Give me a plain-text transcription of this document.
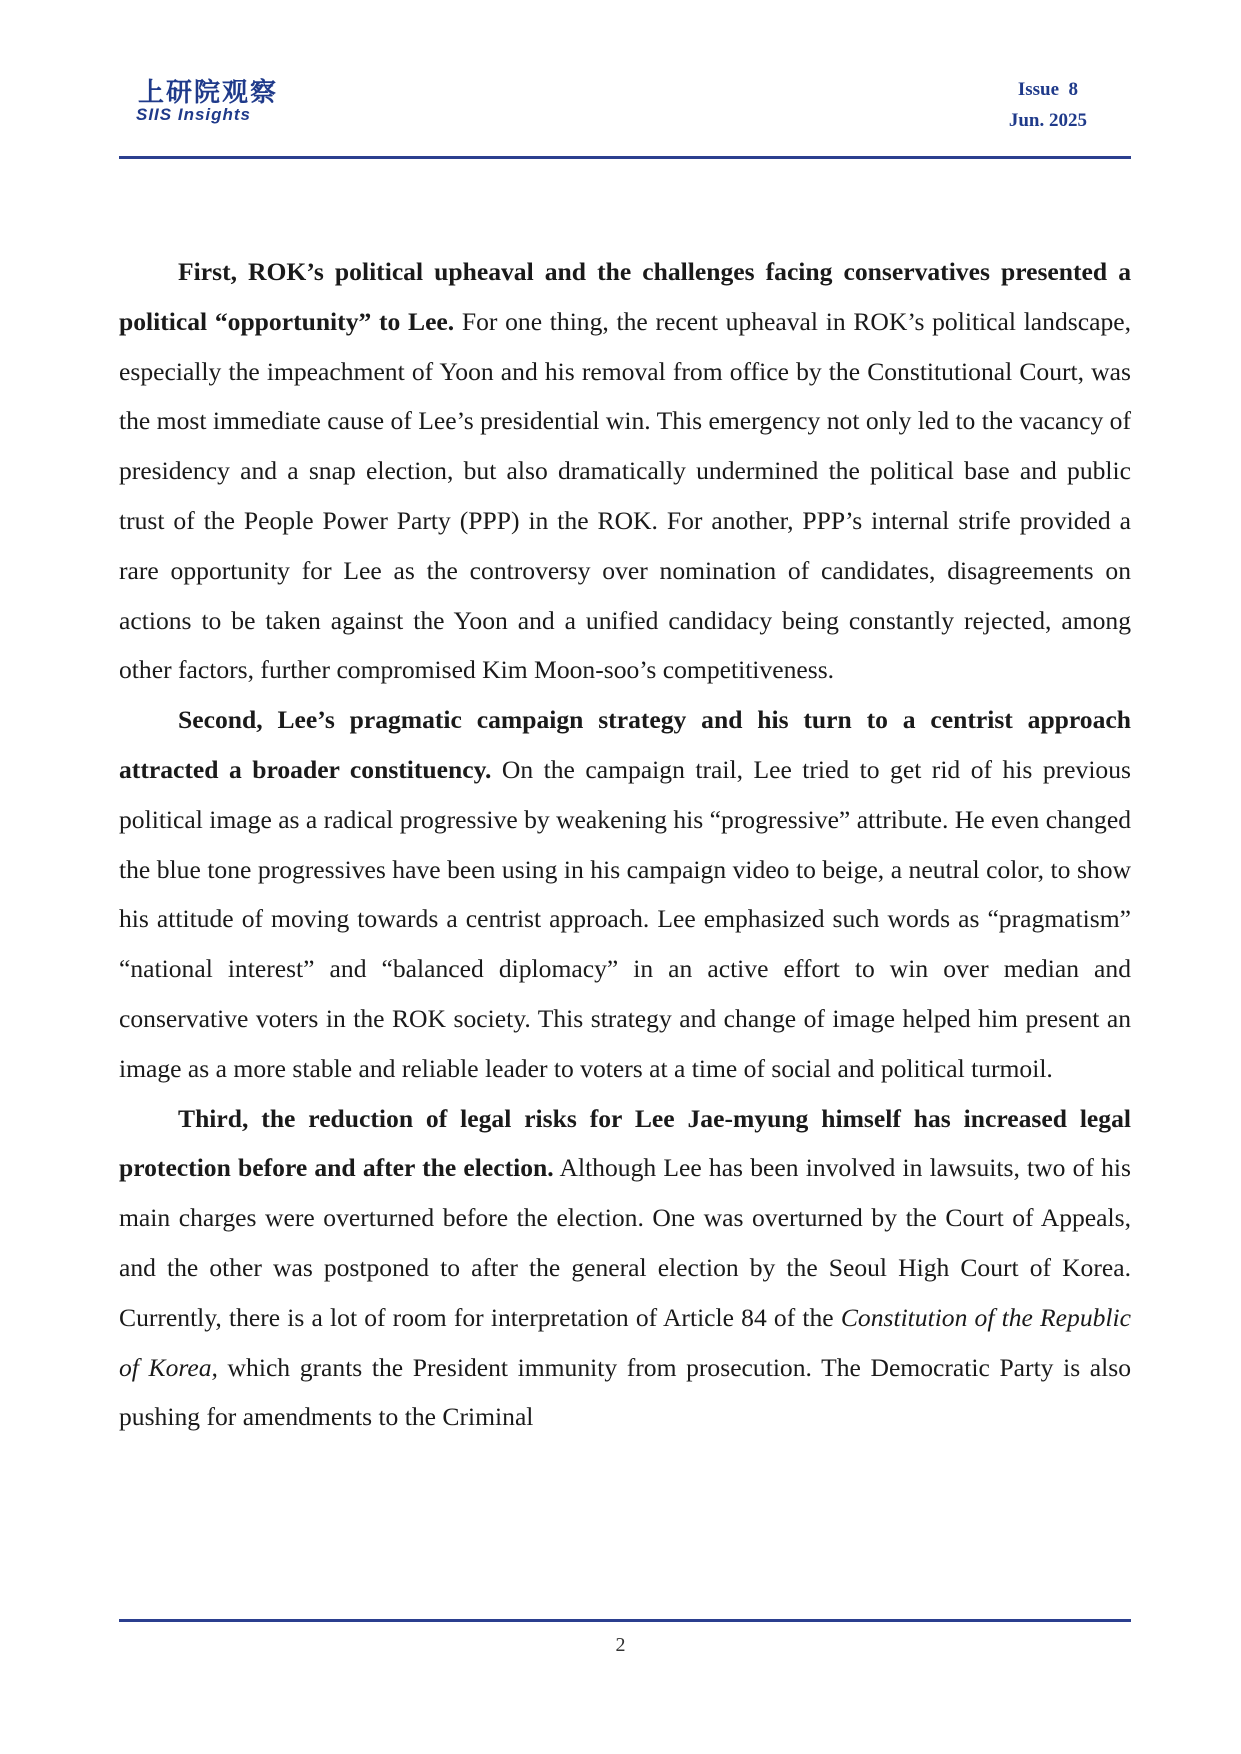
上研院观察
SIIS Insights
Issue  8
Jun. 2025

First, ROK’s political upheaval and the challenges facing conservatives presented a political “opportunity” to Lee. For one thing, the recent upheaval in ROK’s political landscape, especially the impeachment of Yoon and his removal from office by the Constitutional Court, was the most immediate cause of Lee’s presidential win. This emergency not only led to the vacancy of presidency and a snap election, but also dramatically undermined the political base and public trust of the People Power Party (PPP) in the ROK. For another, PPP’s internal strife provided a rare opportunity for Lee as the controversy over nomination of candidates, disagreements on actions to be taken against the Yoon and a unified candidacy being constantly rejected, among other factors, further compromised Kim Moon-soo’s competitiveness.

Second, Lee’s pragmatic campaign strategy and his turn to a centrist approach attracted a broader constituency. On the campaign trail, Lee tried to get rid of his previous political image as a radical progressive by weakening his “progressive” attribute. He even changed the blue tone progressives have been using in his campaign video to beige, a neutral color, to show his attitude of moving towards a centrist approach. Lee emphasized such words as “pragmatism” “national interest” and “balanced diplomacy” in an active effort to win over median and conservative voters in the ROK society. This strategy and change of image helped him present an image as a more stable and reliable leader to voters at a time of social and political turmoil.

Third, the reduction of legal risks for Lee Jae-myung himself has increased legal protection before and after the election. Although Lee has been involved in lawsuits, two of his main charges were overturned before the election. One was overturned by the Court of Appeals, and the other was postponed to after the general election by the Seoul High Court of Korea. Currently, there is a lot of room for interpretation of Article 84 of the Constitution of the Republic of Korea, which grants the President immunity from prosecution. The Democratic Party is also pushing for amendments to the Criminal

2
